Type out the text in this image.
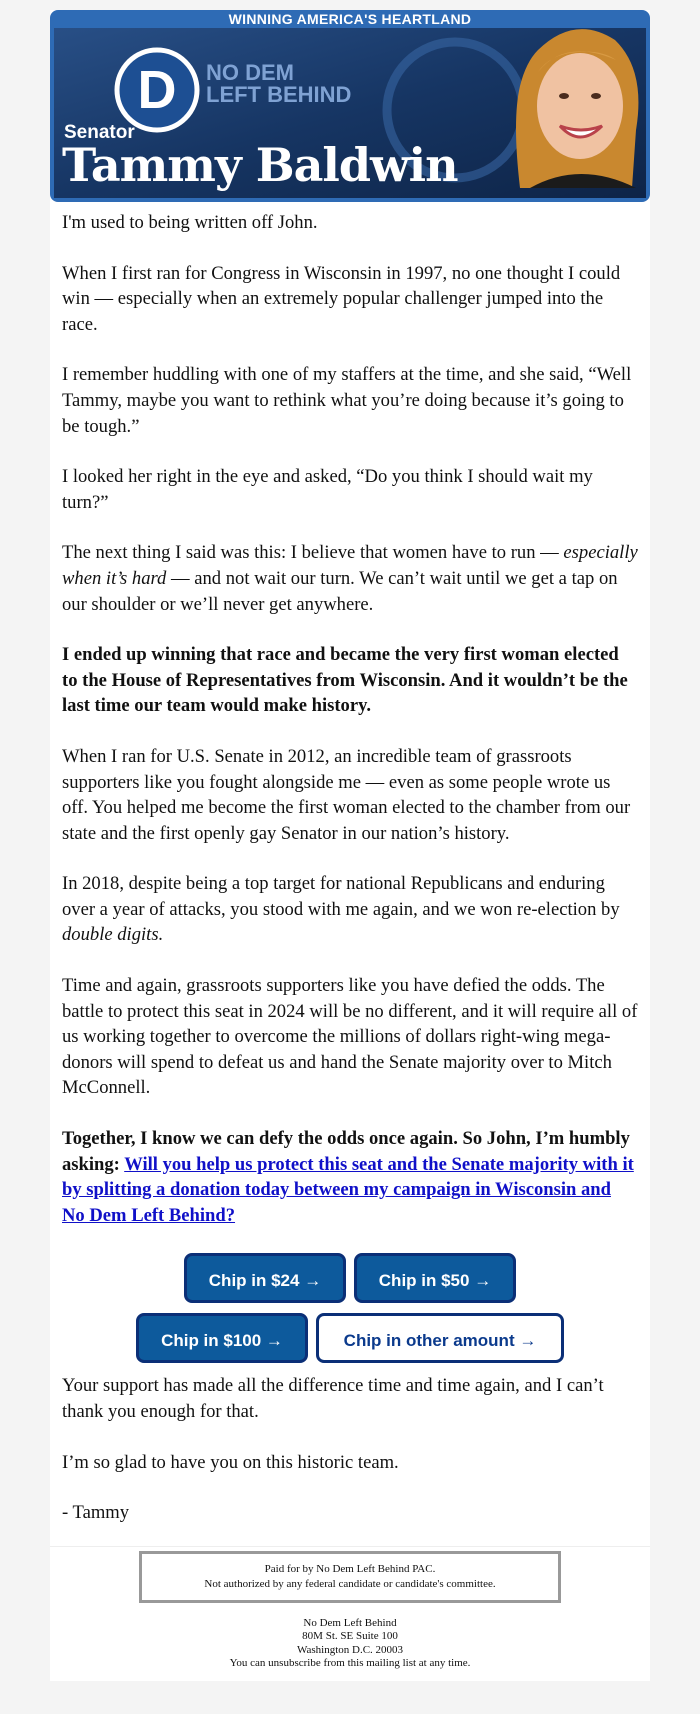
WINNING AMERICA'S HEARTLAND
D NO DEM
LEFT BEHIND
Senator
Tammy Baldwin

I'm used to being written off John.

When I first ran for Congress in Wisconsin in 1997, no one thought I could win — especially when an extremely popular challenger jumped into the race.

I remember huddling with one of my staffers at the time, and she said, “Well Tammy, maybe you want to rethink what you’re doing because it’s going to be tough.”

I looked her right in the eye and asked, “Do you think I should wait my turn?”

The next thing I said was this: I believe that women have to run — especially when it’s hard — and not wait our turn. We can’t wait until we get a tap on our shoulder or we’ll never get anywhere.

I ended up winning that race and became the very first woman elected to the House of Representatives from Wisconsin. And it wouldn’t be the last time our team would make history.

When I ran for U.S. Senate in 2012, an incredible team of grassroots supporters like you fought alongside me — even as some people wrote us off. You helped me become the first woman elected to the chamber from our state and the first openly gay Senator in our nation’s history.

In 2018, despite being a top target for national Republicans and enduring over a year of attacks, you stood with me again, and we won re-election by double digits.

Time and again, grassroots supporters like you have defied the odds. The battle to protect this seat in 2024 will be no different, and it will require all of us working together to overcome the millions of dollars right-wing mega-donors will spend to defeat us and hand the Senate majority over to Mitch McConnell.

Together, I know we can defy the odds once again. So John, I’m humbly asking: Will you help us protect this seat and the Senate majority with it by splitting a donation today between my campaign in Wisconsin and No Dem Left Behind?

Chip in $24 →	Chip in $50 →
Chip in $100 →	Chip in other amount →

Your support has made all the difference time and time again, and I can’t thank you enough for that.

I’m so glad to have you on this historic team.

- Tammy

Paid for by No Dem Left Behind PAC.
Not authorized by any federal candidate or candidate's committee.
No Dem Left Behind
80M St. SE Suite 100
Washington D.C. 20003
You can unsubscribe from this mailing list at any time.
